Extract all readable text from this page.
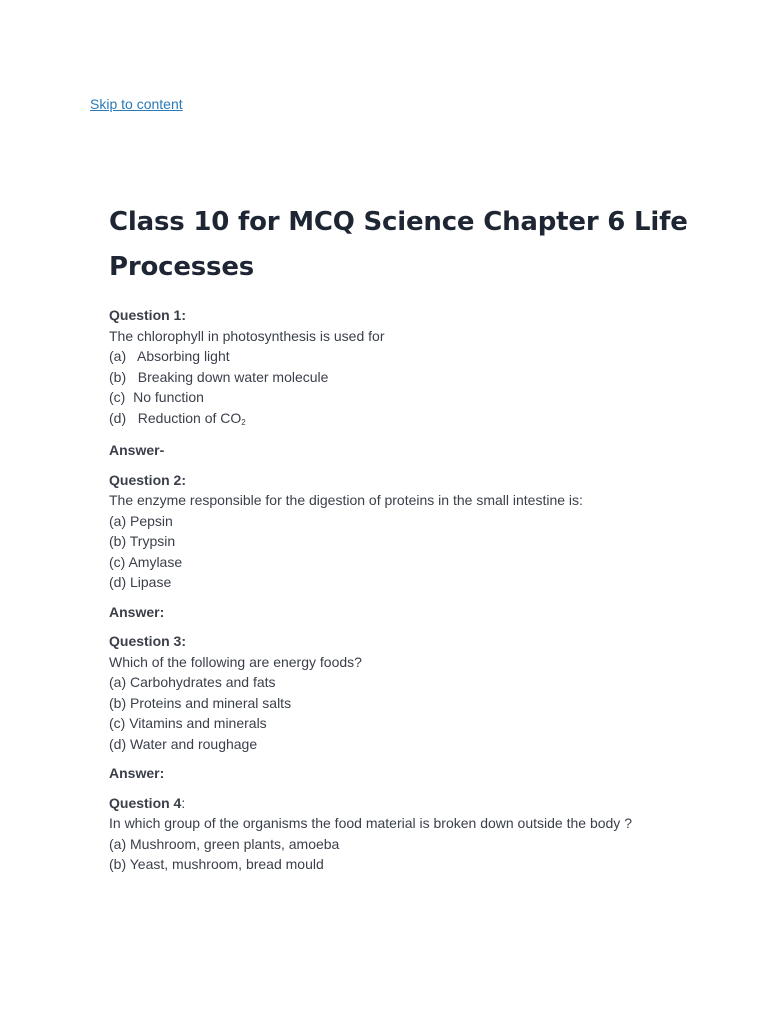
Skip to content
Class 10 for MCQ Science Chapter 6 Life Processes
Question 1:
The chlorophyll in photosynthesis is used for
(a)   Absorbing light
(b)   Breaking down water molecule
(c)  No function
(d)   Reduction of $CO_2$
Answer-
Question 2:
The enzyme responsible for the digestion of proteins in the small intestine is:
(a) Pepsin
(b) Trypsin
(c) Amylase
(d) Lipase
Answer:
Question 3:
Which of the following are energy foods?
(a) Carbohydrates and fats
(b) Proteins and mineral salts
(c) Vitamins and minerals
(d) Water and roughage
Answer:
Question 4:
In which group of the organisms the food material is broken down outside the body ?
(a) Mushroom, green plants, amoeba
(b) Yeast, mushroom, bread mould
